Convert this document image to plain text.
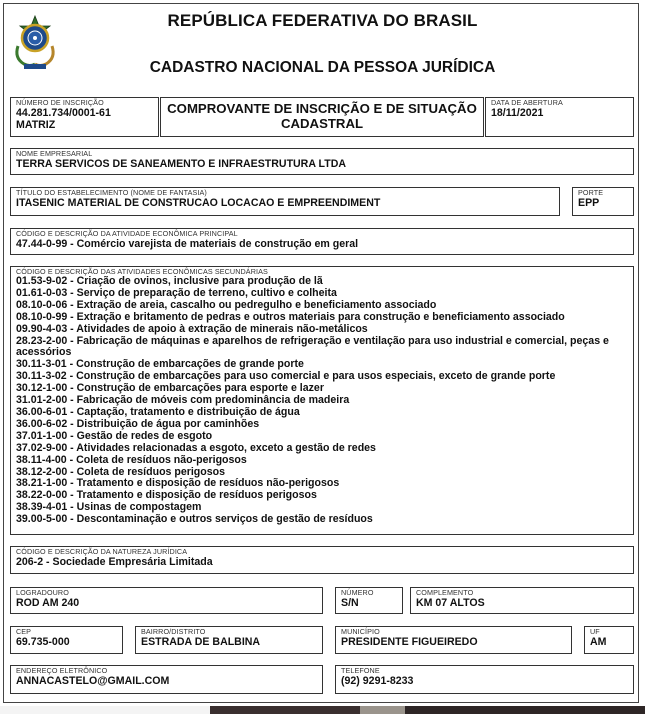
REPÚBLICA FEDERATIVA DO BRASIL
CADASTRO NACIONAL DA PESSOA JURÍDICA
NÚMERO DE INSCRIÇÃO
44.281.734/0001-61
MATRIZ
COMPROVANTE DE INSCRIÇÃO E DE SITUAÇÃO
CADASTRAL
DATA DE ABERTURA
18/11/2021
NOME EMPRESARIAL
TERRA SERVICOS DE SANEAMENTO E INFRAESTRUTURA LTDA
TÍTULO DO ESTABELECIMENTO (NOME DE FANTASIA)
ITASENIC MATERIAL DE CONSTRUCAO LOCACAO E EMPREENDIMENT
PORTE
EPP
CÓDIGO E DESCRIÇÃO DA ATIVIDADE ECONÔMICA PRINCIPAL
47.44-0-99 - Comércio varejista de materiais de construção em geral
CÓDIGO E DESCRIÇÃO DAS ATIVIDADES ECONÔMICAS SECUNDÁRIAS
01.53-9-02 - Criação de ovinos, inclusive para produção de lã
01.61-0-03 - Serviço de preparação de terreno, cultivo e colheita
08.10-0-06 - Extração de areia, cascalho ou pedregulho e beneficiamento associado
08.10-0-99 - Extração e britamento de pedras e outros materiais para construção e beneficiamento associado
09.90-4-03 - Atividades de apoio à extração de minerais não-metálicos
28.23-2-00 - Fabricação de máquinas e aparelhos de refrigeração e ventilação para uso industrial e comercial, peças e acessórios
30.11-3-01 - Construção de embarcações de grande porte
30.11-3-02 - Construção de embarcações para uso comercial e para usos especiais, exceto de grande porte
30.12-1-00 - Construção de embarcações para esporte e lazer
31.01-2-00 - Fabricação de móveis com predominância de madeira
36.00-6-01 - Captação, tratamento e distribuição de água
36.00-6-02 - Distribuição de água por caminhões
37.01-1-00 - Gestão de redes de esgoto
37.02-9-00 - Atividades relacionadas a esgoto, exceto a gestão de redes
38.11-4-00 - Coleta de resíduos não-perigosos
38.12-2-00 - Coleta de resíduos perigosos
38.21-1-00 - Tratamento e disposição de resíduos não-perigosos
38.22-0-00 - Tratamento e disposição de resíduos perigosos
38.39-4-01 - Usinas de compostagem
39.00-5-00 - Descontaminação e outros serviços de gestão de resíduos
CÓDIGO E DESCRIÇÃO DA NATUREZA JURÍDICA
206-2 - Sociedade Empresária Limitada
LOGRADOURO
ROD AM 240
NÚMERO
S/N
COMPLEMENTO
KM 07 ALTOS
CEP
69.735-000
BAIRRO/DISTRITO
ESTRADA DE BALBINA
MUNICÍPIO
PRESIDENTE FIGUEIREDO
UF
AM
ENDEREÇO ELETRÔNICO
ANNACASTELO@GMAIL.COM
TELEFONE
(92) 9291-8233
